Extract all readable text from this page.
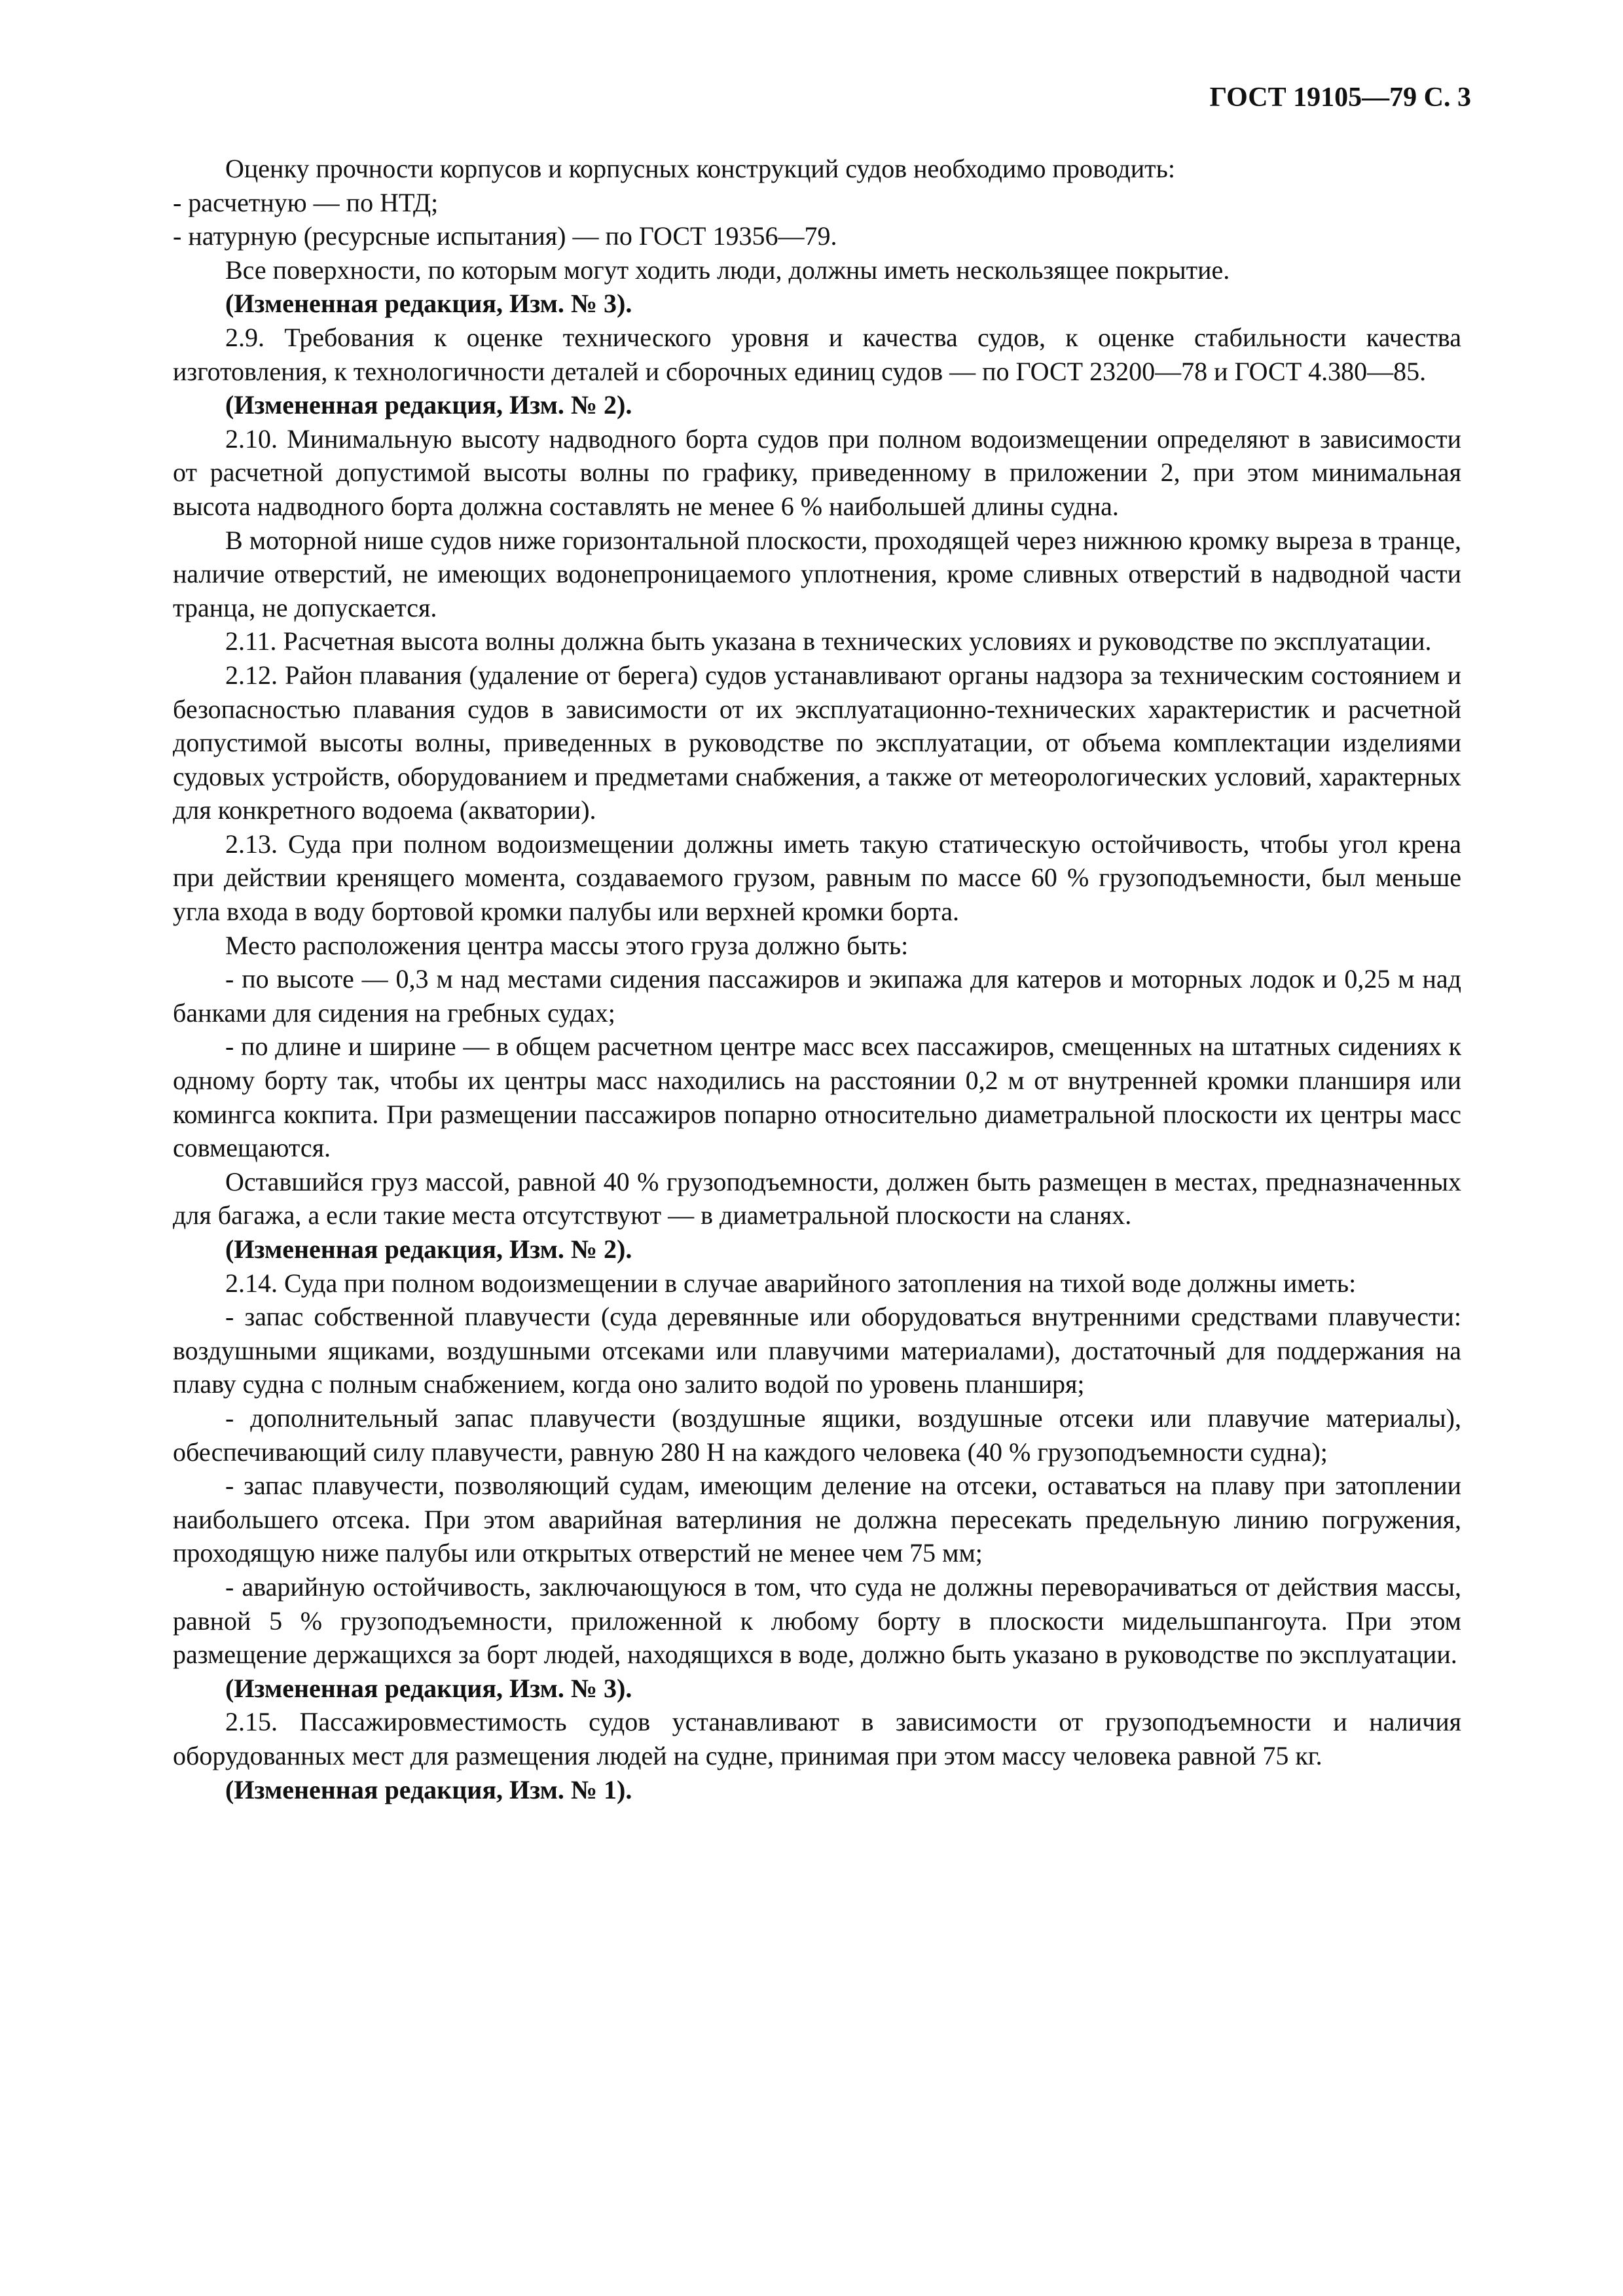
ГОСТ 19105—79 С. 3

Оценку прочности корпусов и корпусных конструкций судов необходимо проводить:

- расчетную — по НТД;

- натурную (ресурсные испытания) — по ГОСТ 19356—79.

Все поверхности, по которым могут ходить люди, должны иметь нескользящее покрытие.

(Измененная редакция, Изм. № 3).

2.9. Требования к оценке технического уровня и качества судов, к оценке стабильности качества изготовления, к технологичности деталей и сборочных единиц судов — по ГОСТ 23200—78 и ГОСТ 4.380—85.

(Измененная редакция, Изм. № 2).

2.10. Минимальную высоту надводного борта судов при полном водоизмещении определяют в зависимости от расчетной допустимой высоты волны по графику, приведенному в приложении 2, при этом минимальная высота надводного борта должна составлять не менее 6 % наибольшей длины судна.

В моторной нише судов ниже горизонтальной плоскости, проходящей через нижнюю кромку выреза в транце, наличие отверстий, не имеющих водонепроницаемого уплотнения, кроме сливных отверстий в надводной части транца, не допускается.

2.11. Расчетная высота волны должна быть указана в технических условиях и руководстве по эксплуатации.

2.12. Район плавания (удаление от берега) судов устанавливают органы надзора за техническим состоянием и безопасностью плавания судов в зависимости от их эксплуатационно-технических характеристик и расчетной допустимой высоты волны, приведенных в руководстве по эксплуатации, от объема комплектации изделиями судовых устройств, оборудованием и предметами снабжения, а также от метеорологических условий, характерных для конкретного водоема (акватории).

2.13. Суда при полном водоизмещении должны иметь такую статическую остойчивость, чтобы угол крена при действии кренящего момента, создаваемого грузом, равным по массе 60 % грузоподъемности, был меньше угла входа в воду бортовой кромки палубы или верхней кромки борта.

Место расположения центра массы этого груза должно быть:

- по высоте — 0,3 м над местами сидения пассажиров и экипажа для катеров и моторных лодок и 0,25 м над банками для сидения на гребных судах;

- по длине и ширине — в общем расчетном центре масс всех пассажиров, смещенных на штатных сидениях к одному борту так, чтобы их центры масс находились на расстоянии 0,2 м от внутренней кромки планширя или комингса кокпита. При размещении пассажиров попарно относительно диаметральной плоскости их центры масс совмещаются.

Оставшийся груз массой, равной 40 % грузоподъемности, должен быть размещен в местах, предназначенных для багажа, а если такие места отсутствуют — в диаметральной плоскости на сланях.

(Измененная редакция, Изм. № 2).

2.14. Суда при полном водоизмещении в случае аварийного затопления на тихой воде должны иметь:

- запас собственной плавучести (суда деревянные или оборудоваться внутренними средствами плавучести: воздушными ящиками, воздушными отсеками или плавучими материалами), достаточный для поддержания на плаву судна с полным снабжением, когда оно залито водой по уровень планширя;

- дополнительный запас плавучести (воздушные ящики, воздушные отсеки или плавучие материалы), обеспечивающий силу плавучести, равную 280 Н на каждого человека (40 % грузоподъемности судна);

- запас плавучести, позволяющий судам, имеющим деление на отсеки, оставаться на плаву при затоплении наибольшего отсека. При этом аварийная ватерлиния не должна пересекать предельную линию погружения, проходящую ниже палубы или открытых отверстий не менее чем 75 мм;

- аварийную остойчивость, заключающуюся в том, что суда не должны переворачиваться от действия массы, равной 5 % грузоподъемности, приложенной к любому борту в плоскости мидельшпангоута. При этом размещение держащихся за борт людей, находящихся в воде, должно быть указано в руководстве по эксплуатации.

(Измененная редакция, Изм. № 3).

2.15. Пассажировместимость судов устанавливают в зависимости от грузоподъемности и наличия оборудованных мест для размещения людей на судне, принимая при этом массу человека равной 75 кг.

(Измененная редакция, Изм. № 1).
